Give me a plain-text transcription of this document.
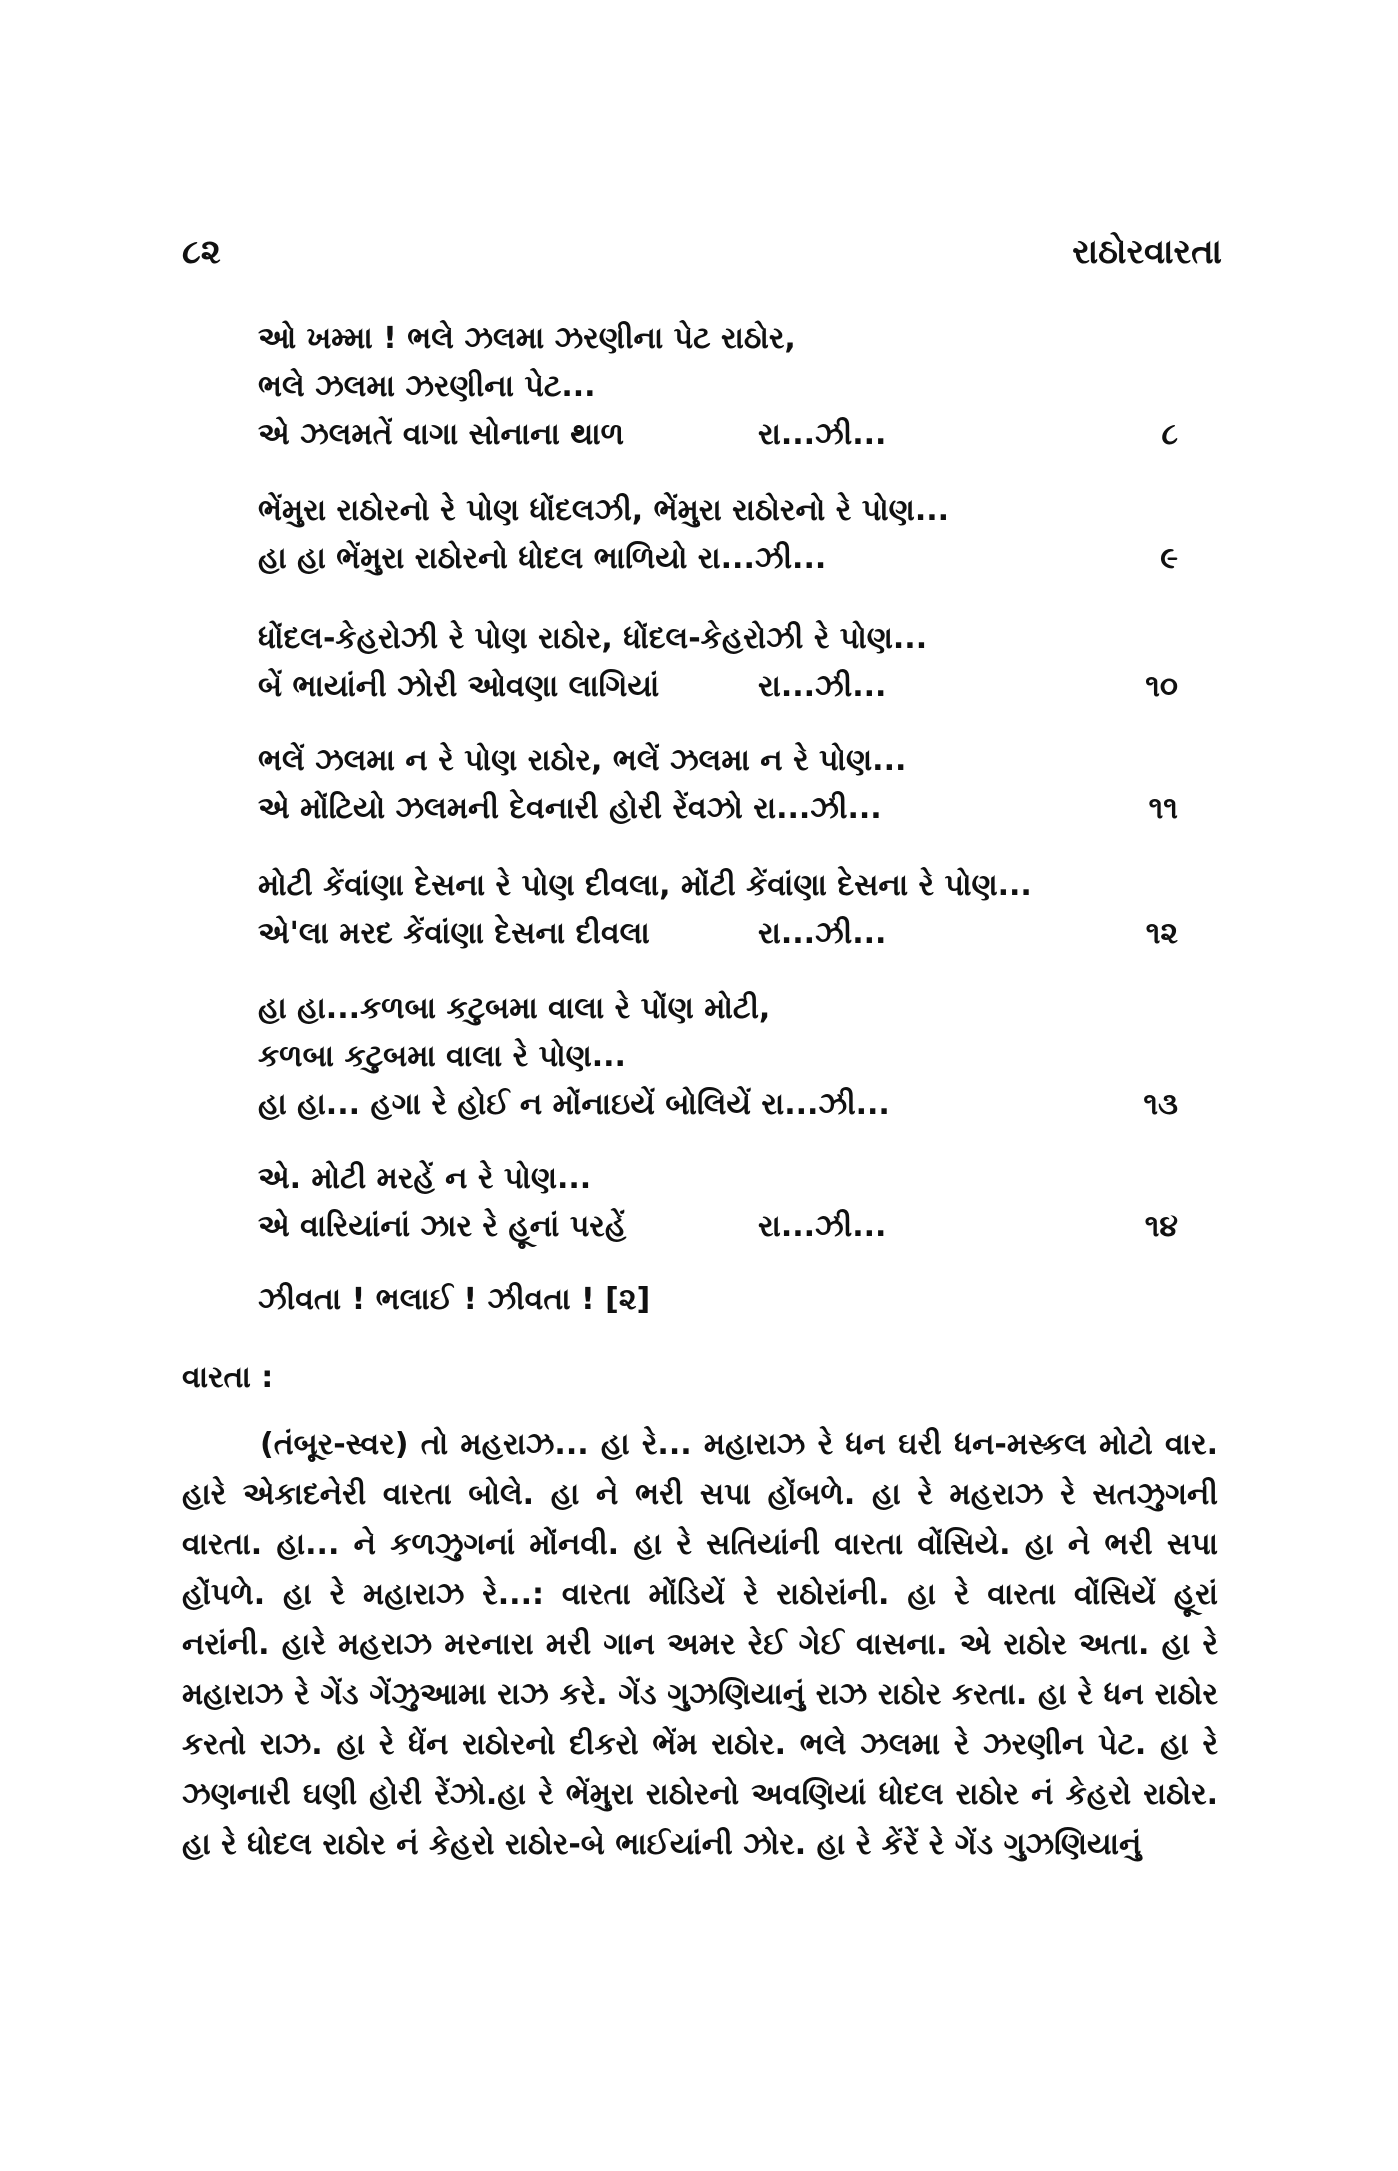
૮૨	રાઠોરવારતા
ઓ ખમ્મા ! ભલે ઝલમા ઝરણીના પેટ રાઠોર,
ભલે ઝલમા ઝરણીના પેટ...
એ ઝલમતેં વાગા સોનાના થાળ	રા...ઝી...	૮
ભેંમુરા રાઠોરનો રે પોણ ધોંદલઝી, ભેંમુરા રાઠોરનો રે પોણ...
હા હા ભેંમુરા રાઠોરનો ધોદલ ભાળિયો રા...ઝી...	૯
ધોંદલ-કેહરોઝી રે પોણ રાઠોર, ધોંદલ-કેહરોઝી રે પોણ...
બેં ભાયાંની ઝોરી ઓવણા લાગિયાં	રા...ઝી...	૧૦
ભલેં ઝલમા ન રે પોણ રાઠોર, ભલેં ઝલમા ન રે પોણ...
એ મોંટિયો ઝલમની દેવનારી હોરી રેંવઝો રા...ઝી...	૧૧
મોટી કેંવાંણા દેસના રે પોણ દીવલા, મોંટી કેંવાંણા દેસના રે પોણ...
એ'લા મરદ કેંવાંણા દેસના દીવલા	રા...ઝી...	૧૨
હા હા...કળબા કટુબમા વાલા રે પોંણ મોટી,
કળબા કટુબમા વાલા રે પોણ...
હા હા... હગા રે હોઈ ન મોંનાઇયેં બોલિયેં રા...ઝી...	૧૩
એ. મોટી મરહેં ન રે પોણ...
એ વારિયાંનાં ઝાર રે હૂનાં પરહેં	રા...ઝી...	૧૪
ઝીવતા ! ભલાઈ ! ઝીવતા ! [૨]
વારતા :

(તંબૂર-સ્વર) તો મહરાઝ... હા રે... મહારાઝ રે ધન ઘરી ધન-મસ્કલ મોટો વાર. હારે એકાદનેરી વારતા બોલે. હા ને ભરી સપા હોંબળે. હા રે મહરાઝ રે સતઝુગની વારતા. હા... ને કળઝુગનાં મોંનવી. હા રે સતિયાંની વારતા વોંસિયે. હા ને ભરી સપા હોંપળે. હા રે મહારાઝ રે...: વારતા મોંડિયેં રે રાઠોરાંની. હા રે વારતા વોંસિયેં હૂરાં નરાંની. હારે મહરાઝ મરનારા મરી ગાન અમર રેઈ ગેઈ વાસના. એ રાઠોર અતા. હા રે મહારાઝ રે ગેંડ ગેંઝુઆમા રાઝ કરે. ગેંડ ગુઝણિયાનું રાઝ રાઠોર કરતા. હા રે ધન રાઠોર કરતો રાઝ. હા રે ધેંન રાઠોરનો દીકરો ભેંમ રાઠોર. ભલે ઝલમા રે ઝરણીન પેટ. હા રે ઝણનારી ઘણી હોરી રેંઝો.હા રે ભેંમુરા રાઠોરનો અવણિયાં ધોદલ રાઠોર નં કેહરો રાઠોર. હા રે ધોદલ રાઠોર નં કેહરો રાઠોર-બે ભાઈયાંની ઝોર. હા રે કેંરેં રે ગેંડ ગુઝણિયાનું
